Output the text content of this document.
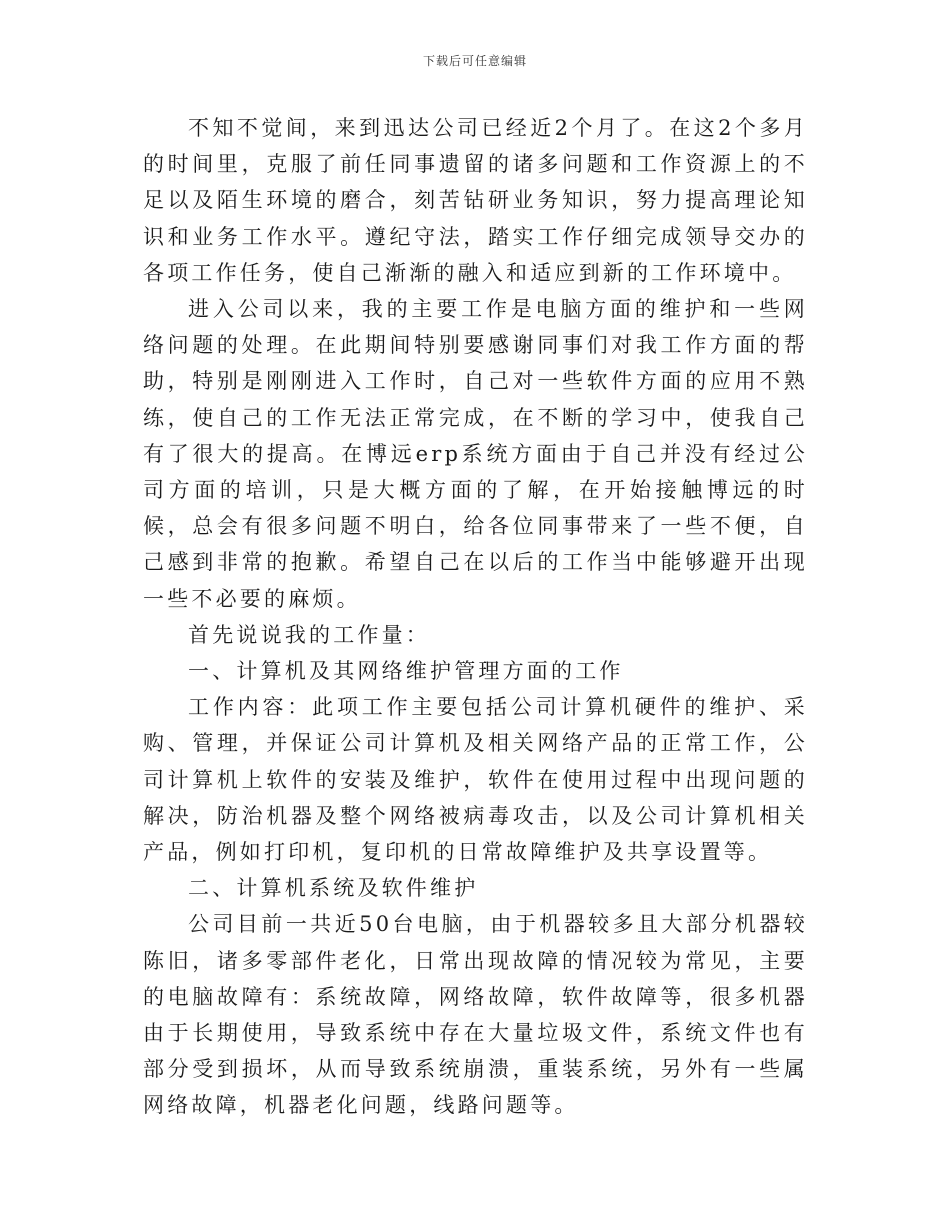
下载后可任意编辑

不知不觉间，来到迅达公司已经近2个月了。在这2个多月的时间里，克服了前任同事遗留的诸多问题和工作资源上的不足以及陌生环境的磨合，刻苦钻研业务知识，努力提高理论知识和业务工作水平。遵纪守法，踏实工作仔细完成领导交办的各项工作任务，使自己渐渐的融入和适应到新的工作环境中。

进入公司以来，我的主要工作是电脑方面的维护和一些网络问题的处理。在此期间特别要感谢同事们对我工作方面的帮助，特别是刚刚进入工作时，自己对一些软件方面的应用不熟练，使自己的工作无法正常完成，在不断的学习中，使我自己有了很大的提高。在博远erp系统方面由于自己并没有经过公司方面的培训，只是大概方面的了解，在开始接触博远的时候，总会有很多问题不明白，给各位同事带来了一些不便，自己感到非常的抱歉。希望自己在以后的工作当中能够避开出现一些不必要的麻烦。

首先说说我的工作量：

一、计算机及其网络维护管理方面的工作

工作内容：此项工作主要包括公司计算机硬件的维护、采购、管理，并保证公司计算机及相关网络产品的正常工作，公司计算机上软件的安装及维护，软件在使用过程中出现问题的解决，防治机器及整个网络被病毒攻击，以及公司计算机相关产品，例如打印机，复印机的日常故障维护及共享设置等。

二、计算机系统及软件维护

公司目前一共近50台电脑，由于机器较多且大部分机器较陈旧，诸多零部件老化，日常出现故障的情况较为常见，主要的电脑故障有：系统故障，网络故障，软件故障等，很多机器由于长期使用，导致系统中存在大量垃圾文件，系统文件也有部分受到损坏，从而导致系统崩溃，重装系统，另外有一些属网络故障，机器老化问题，线路问题等。
